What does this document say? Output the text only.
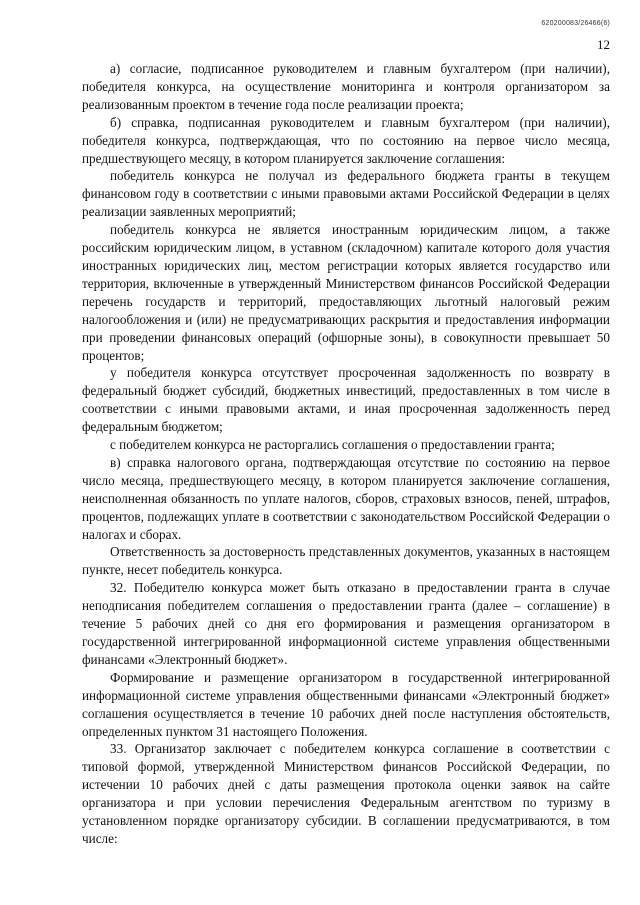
620200083/26466(6)
12

а) согласие, подписанное руководителем и главным бухгалтером (при наличии), победителя конкурса, на осуществление мониторинга и контроля организатором за реализованным проектом в течение года после реализации проекта;

б) справка, подписанная руководителем и главным бухгалтером (при наличии), победителя конкурса, подтверждающая, что по состоянию на первое число месяца, предшествующего месяцу, в котором планируется заключение соглашения:

победитель конкурса не получал из федерального бюджета гранты в текущем финансовом году в соответствии с иными правовыми актами Российской Федерации в целях реализации заявленных мероприятий;

победитель конкурса не является иностранным юридическим лицом, а также российским юридическим лицом, в уставном (складочном) капитале которого доля участия иностранных юридических лиц, местом регистрации которых является государство или территория, включенные в утвержденный Министерством финансов Российской Федерации перечень государств и территорий, предоставляющих льготный налоговый режим налогообложения и (или) не предусматривающих раскрытия и предоставления информации при проведении финансовых операций (офшорные зоны), в совокупности превышает 50 процентов;

у победителя конкурса отсутствует просроченная задолженность по возврату в федеральный бюджет субсидий, бюджетных инвестиций, предоставленных в том числе в соответствии с иными правовыми актами, и иная просроченная задолженность перед федеральным бюджетом;

с победителем конкурса не расторгались соглашения о предоставлении гранта;

в) справка налогового органа, подтверждающая отсутствие по состоянию на первое число месяца, предшествующего месяцу, в котором планируется заключение соглашения, неисполненная обязанность по уплате налогов, сборов, страховых взносов, пеней, штрафов, процентов, подлежащих уплате в соответствии с законодательством Российской Федерации о налогах и сборах.

Ответственность за достоверность представленных документов, указанных в настоящем пункте, несет победитель конкурса.

32. Победителю конкурса может быть отказано в предоставлении гранта в случае неподписания победителем соглашения о предоставлении гранта (далее – соглашение) в течение 5 рабочих дней со дня его формирования и размещения организатором в государственной интегрированной информационной системе управления общественными финансами «Электронный бюджет».

Формирование и размещение организатором в государственной интегрированной информационной системе управления общественными финансами «Электронный бюджет» соглашения осуществляется в течение 10 рабочих дней после наступления обстоятельств, определенных пунктом 31 настоящего Положения.

33. Организатор заключает с победителем конкурса соглашение в соответствии с типовой формой, утвержденной Министерством финансов Российской Федерации, по истечении 10 рабочих дней с даты размещения протокола оценки заявок на сайте организатора и при условии перечисления Федеральным агентством по туризму в установленном порядке организатору субсидии. В соглашении предусматриваются, в том числе:
